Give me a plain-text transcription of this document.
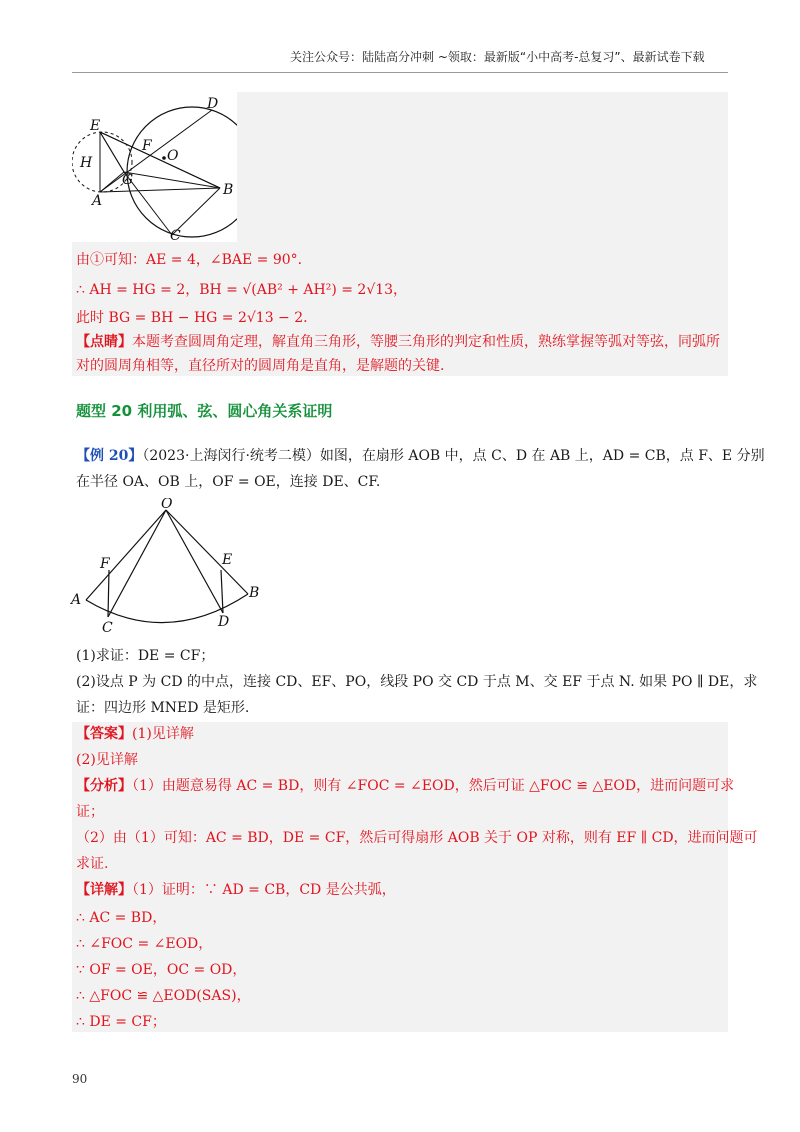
关注公众号：陆陆高分冲刺 ~领取：最新版“小中高考-总复习”、最新试卷下载
D
E
F
O
H
G
A
B
C
由①可知：AE = 4，∠BAE = 90°.
∴ AH = HG = 2，BH = √(AB² + AH²) = 2√13，
此时 BG = BH − HG = 2√13 − 2.
【点睛】本题考查圆周角定理，解直角三角形，等腰三角形的判定和性质，熟练掌握等弧对等弦，同弧所
对的圆周角相等，直径所对的圆周角是直角，是解题的关键.
题型 20 利用弧、弦、圆心角关系证明
【例 20】（2023·上海闵行·统考二模）如图，在扇形 AOB 中，点 C、D 在 AB 上，AD = CB，点 F、E 分别
在半径 OA、OB 上，OF = OE，连接 DE、CF.
O
F	E
A	B
C	D
(1)求证：DE = CF；
(2)设点 P 为 CD 的中点，连接 CD、EF、PO，线段 PO 交 CD 于点 M、交 EF 于点 N. 如果 PO ∥ DE，求
证：四边形 MNED 是矩形.
【答案】(1)见详解
(2)见详解
【分析】（1）由题意易得 AC = BD，则有 ∠FOC = ∠EOD，然后可证 △FOC ≌ △EOD，进而问题可求
证；
（2）由（1）可知：AC = BD，DE = CF，然后可得扇形 AOB 关于 OP 对称，则有 EF ∥ CD，进而问题可
求证.
【详解】（1）证明：∵ AD = CB，CD 是公共弧，
∴ AC = BD，
∴ ∠FOC = ∠EOD，
∵ OF = OE，OC = OD，
∴ △FOC ≌ △EOD(SAS)，
∴ DE = CF；
90
